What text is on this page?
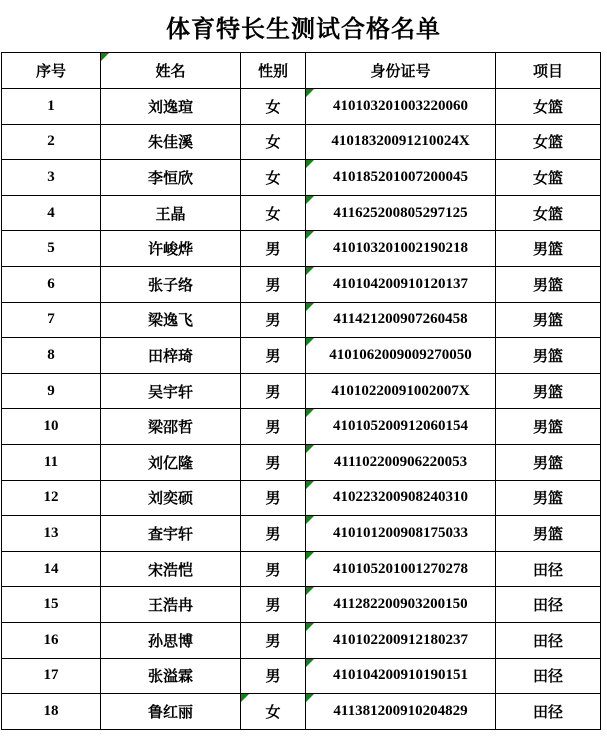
体育特长生测试合格名单
序号	姓名	性别	身份证号	项目
1	刘逸瑄	女	410103201003220060	女篮
2	朱佳溪	女	41018320091210024X	女篮
3	李恒欣	女	410185201007200045	女篮
4	王晶	女	411625200805297125	女篮
5	许峻烨	男	410103201002190218	男篮
6	张子络	男	410104200910120137	男篮
7	梁逸飞	男	411421200907260458	男篮
8	田梓琦	男	4101062009009270050	男篮
9	吴宇轩	男	41010220091002007X	男篮
10	梁邵哲	男	410105200912060154	男篮
11	刘亿隆	男	411102200906220053	男篮
12	刘奕硕	男	410223200908240310	男篮
13	查宇轩	男	410101200908175033	男篮
14	宋浩恺	男	410105201001270278	田径
15	王浩冉	男	411282200903200150	田径
16	孙思博	男	410102200912180237	田径
17	张溢霖	男	410104200910190151	田径
18	鲁红丽	女	411381200910204829	田径
